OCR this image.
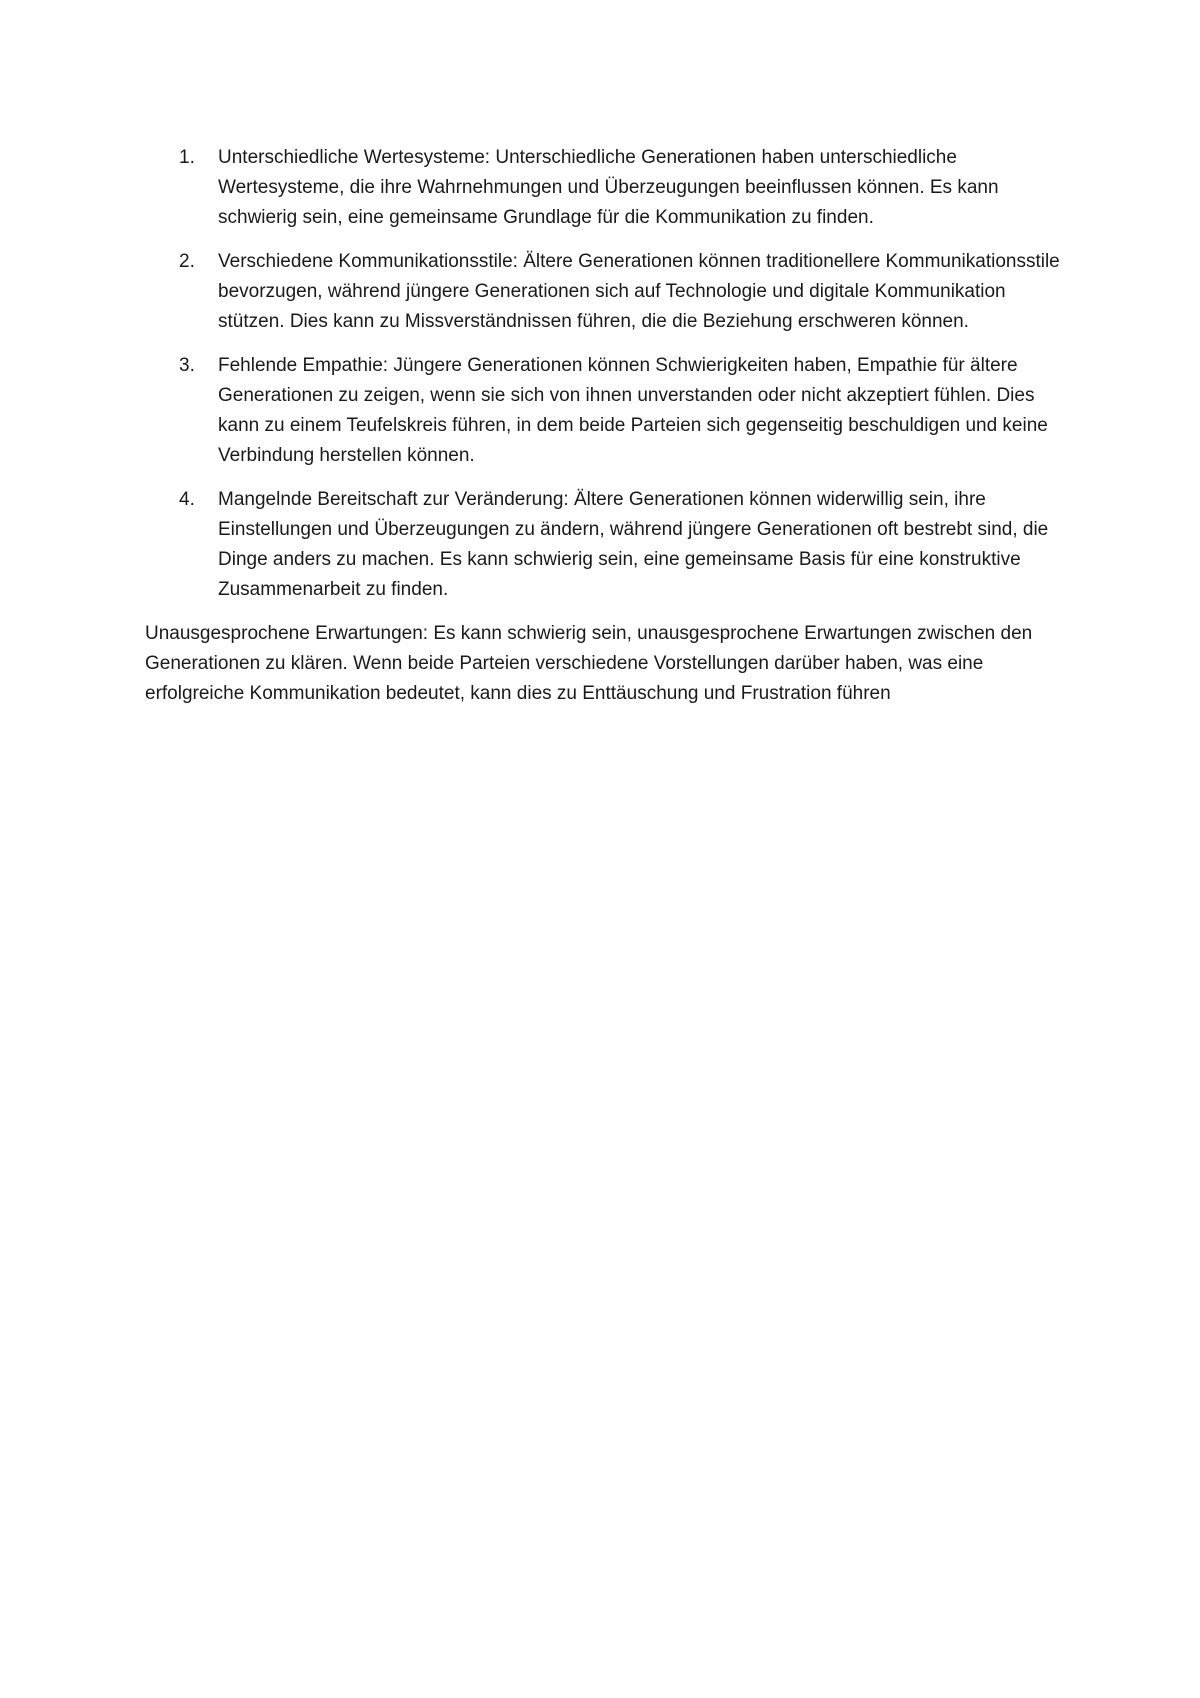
1. Unterschiedliche Wertesysteme: Unterschiedliche Generationen haben unterschiedliche Wertesysteme, die ihre Wahrnehmungen und Überzeugungen beeinflussen können. Es kann schwierig sein, eine gemeinsame Grundlage für die Kommunikation zu finden.
2. Verschiedene Kommunikationsstile: Ältere Generationen können traditionellere Kommunikationsstile bevorzugen, während jüngere Generationen sich auf Technologie und digitale Kommunikation stützen. Dies kann zu Missverständnissen führen, die die Beziehung erschweren können.
3. Fehlende Empathie: Jüngere Generationen können Schwierigkeiten haben, Empathie für ältere Generationen zu zeigen, wenn sie sich von ihnen unverstanden oder nicht akzeptiert fühlen. Dies kann zu einem Teufelskreis führen, in dem beide Parteien sich gegenseitig beschuldigen und keine Verbindung herstellen können.
4. Mangelnde Bereitschaft zur Veränderung: Ältere Generationen können widerwillig sein, ihre Einstellungen und Überzeugungen zu ändern, während jüngere Generationen oft bestrebt sind, die Dinge anders zu machen. Es kann schwierig sein, eine gemeinsame Basis für eine konstruktive Zusammenarbeit zu finden.

Unausgesprochene Erwartungen: Es kann schwierig sein, unausgesprochene Erwartungen zwischen den Generationen zu klären. Wenn beide Parteien verschiedene Vorstellungen darüber haben, was eine erfolgreiche Kommunikation bedeutet, kann dies zu Enttäuschung und Frustration führen
